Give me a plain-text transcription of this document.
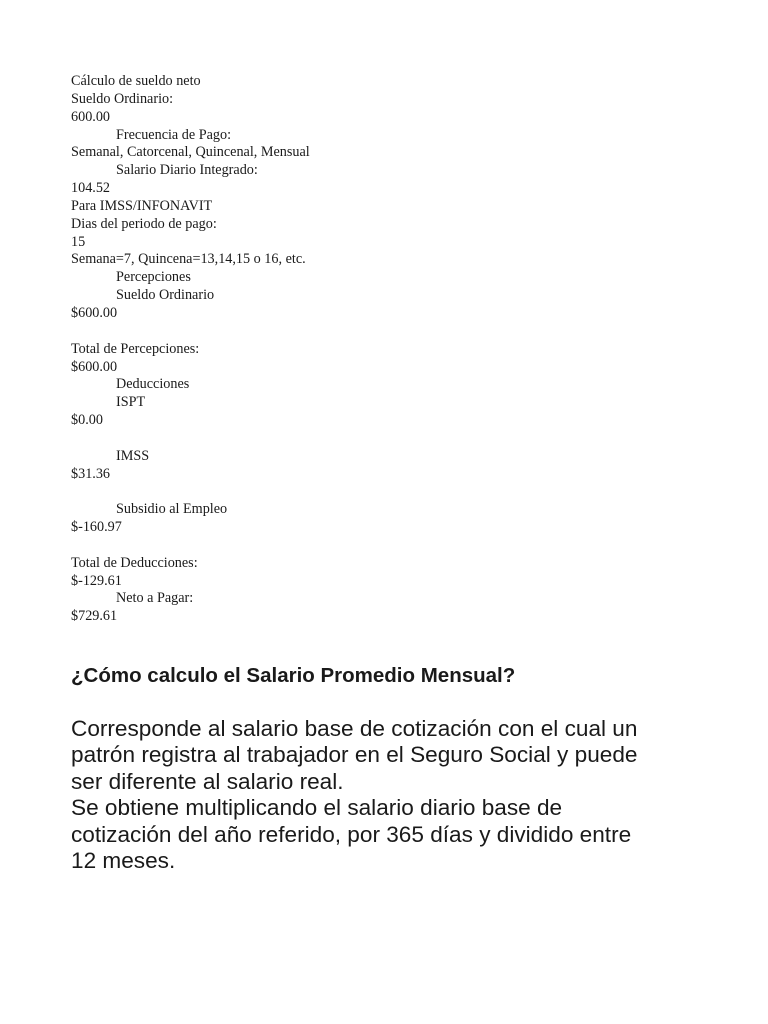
Cálculo de sueldo neto
Sueldo Ordinario:
600.00
Frecuencia de Pago:
Semanal, Catorcenal, Quincenal, Mensual
Salario Diario Integrado:
104.52
Para IMSS/INFONAVIT
Dias del periodo de pago:
15
Semana=7, Quincena=13,14,15 o 16, etc.
Percepciones
Sueldo Ordinario
$600.00
Total de Percepciones:
$600.00
Deducciones
ISPT
$0.00
IMSS
$31.36
Subsidio al Empleo
$-160.97
Total de Deducciones:
$-129.61
Neto a Pagar:
$729.61
¿Cómo calculo el Salario Promedio Mensual?
Corresponde al salario base de cotización con el cual un
patrón registra al trabajador en el Seguro Social y puede
ser diferente al salario real.
Se obtiene multiplicando el salario diario base de
cotización del año referido, por 365 días y dividido entre
12 meses.
